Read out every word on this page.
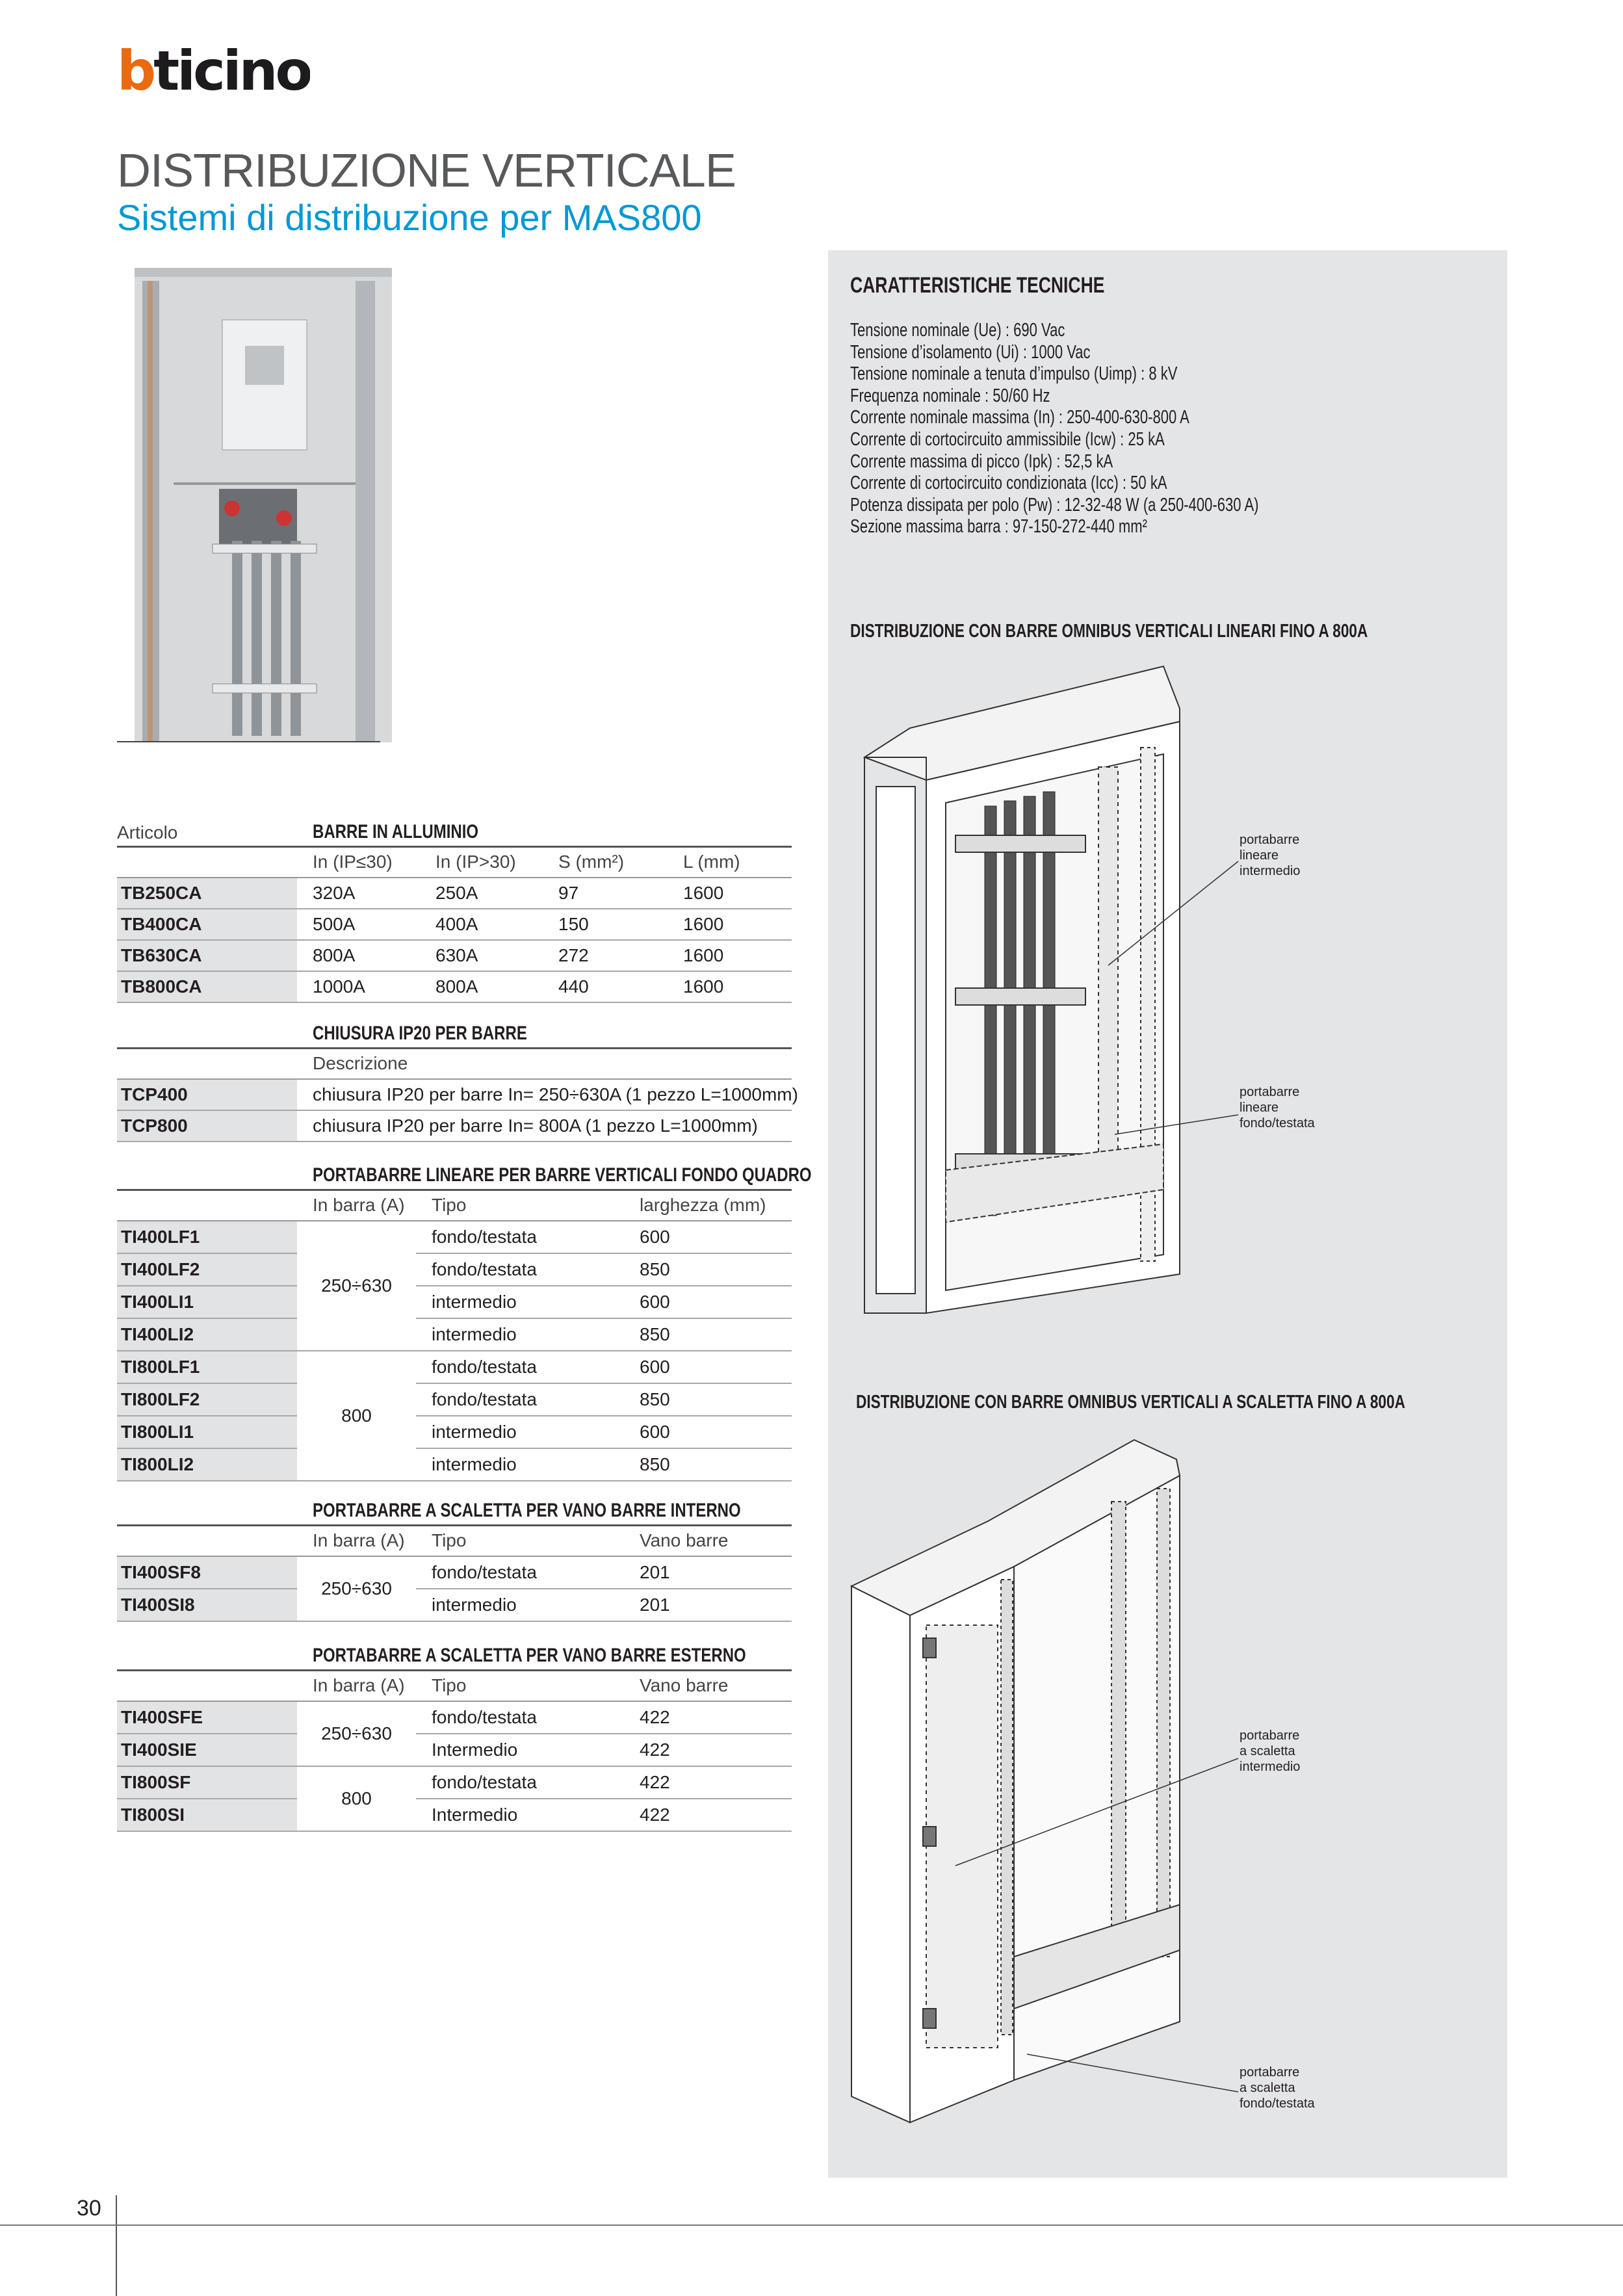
bticino
DISTRIBUZIONE VERTICALE
Sistemi di distribuzione per MAS800
CARATTERISTICHE TECNICHE
Tensione nominale (Ue) : 690 Vac
Tensione d’isolamento (Ui) : 1000 Vac
Tensione nominale a tenuta d’impulso (Uimp) : 8 kV
Frequenza nominale : 50/60 Hz
Corrente nominale massima (In) : 250-400-630-800 A
Corrente di cortocircuito ammissibile (Icw) : 25 kA
Corrente massima di picco (Ipk) : 52,5 kA
Corrente di cortocircuito condizionata (Icc) : 50 kA
Potenza dissipata per polo (Pw) : 12-32-48 W (a 250-400-630 A)
Sezione massima barra : 97-150-272-440 mm²
DISTRIBUZIONE CON BARRE OMNIBUS VERTICALI LINEARI FINO A 800A
DISTRIBUZIONE CON BARRE OMNIBUS VERTICALI A SCALETTA FINO A 800A
portabarre
lineare
intermedio
portabarre
lineare
fondo/testata
portabarre
a scaletta
intermedio
portabarre
a scaletta
fondo/testata
Articolo	BARRE IN ALLUMINIO			
	In (IP≤30)	In (IP>30)	S (mm²)	L (mm)
TB250CA	320A	250A	97	1600
TB400CA	500A	400A	150	1600
TB630CA	800A	630A	272	1600
TB800CA	1000A	800A	440	1600
	CHIUSURA IP20 PER BARRE
	Descrizione
TCP400	chiusura IP20 per barre In= 250÷630A (1 pezzo L=1000mm)
TCP800	chiusura IP20 per barre In= 800A (1 pezzo L=1000mm)
	PORTABARRE LINEARE PER BARRE VERTICALI FONDO QUADRO		
	In barra (A)	Tipo	larghezza (mm)
TI400LF1	250÷630	fondo/testata	600
TI400LF2		fondo/testata	850
TI400LI1		intermedio	600
TI400LI2		intermedio	850
TI800LF1	800	fondo/testata	600
TI800LF2		fondo/testata	850
TI800LI1		intermedio	600
TI800LI2		intermedio	850
	PORTABARRE A SCALETTA PER VANO BARRE INTERNO		
	In barra (A)	Tipo	Vano barre
TI400SF8	250÷630	fondo/testata	201
TI400SI8		intermedio	201
	PORTABARRE A SCALETTA PER VANO BARRE ESTERNO		
	In barra (A)	Tipo	Vano barre
TI400SFE	250÷630	fondo/testata	422
TI400SIE		Intermedio	422
TI800SF	800	fondo/testata	422
TI800SI		Intermedio	422
30
